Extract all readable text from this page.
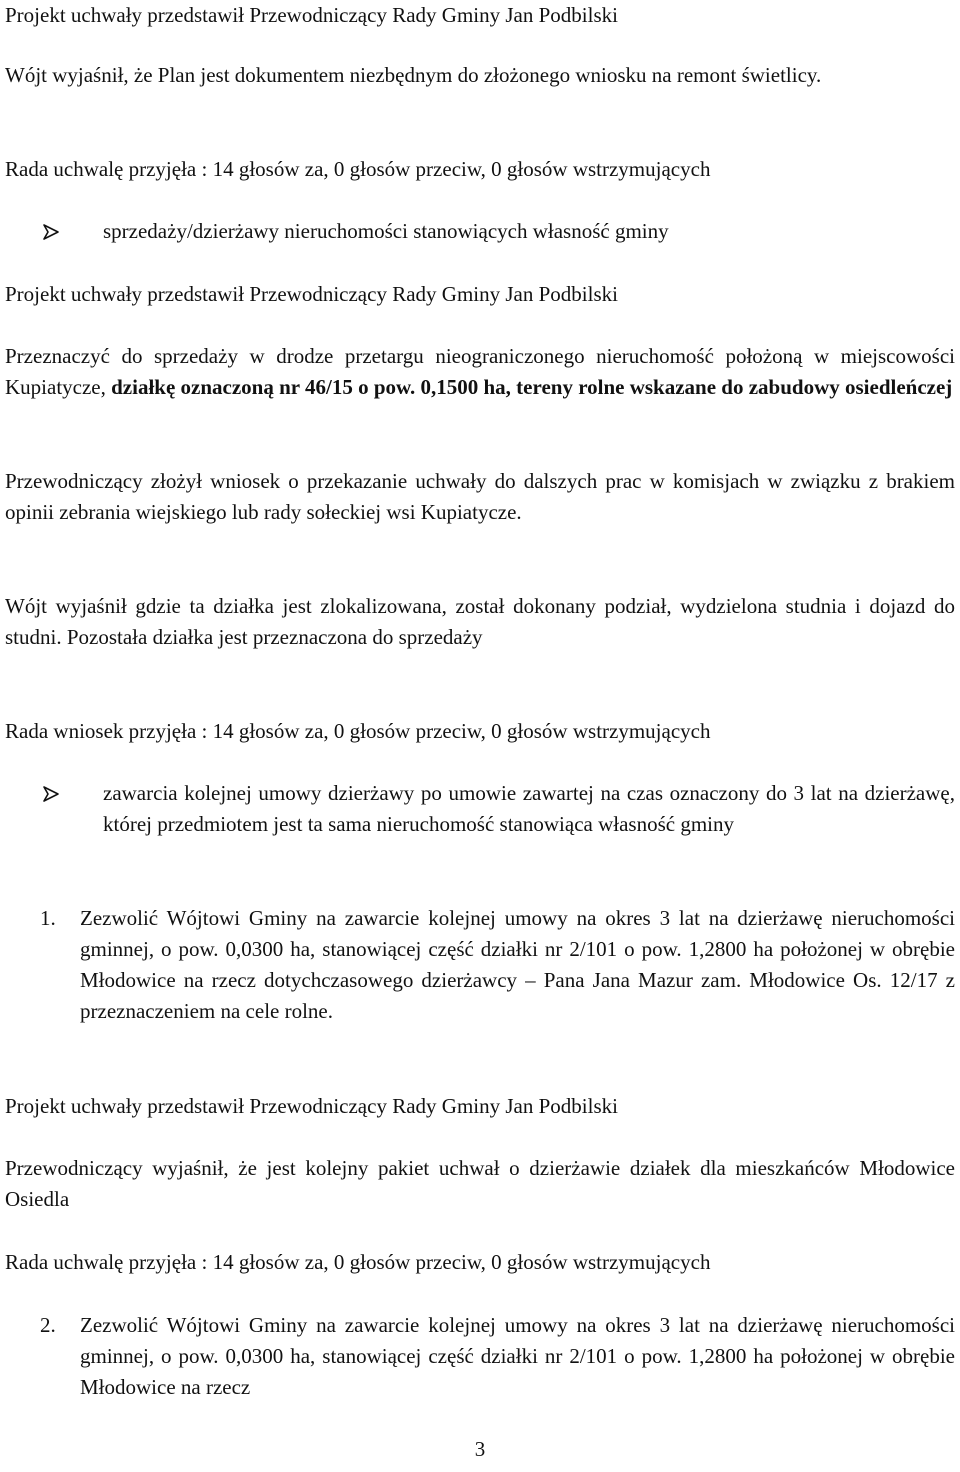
Projekt uchwały przedstawił Przewodniczący Rady Gminy Jan Podbilski

Wójt wyjaśnił, że Plan jest dokumentem niezbędnym do złożonego wniosku na remont świetlicy.

Rada uchwalę przyjęła : 14 głosów za, 0 głosów przeciw, 0 głosów wstrzymujących

sprzedaży/dzierżawy nieruchomości stanowiących własność gminy

Projekt uchwały przedstawił Przewodniczący Rady Gminy Jan Podbilski

Przeznaczyć do sprzedaży w drodze przetargu nieograniczonego nieruchomość położoną w miejscowości Kupiatycze, działkę oznaczoną nr 46/15 o pow. 0,1500 ha, tereny rolne wskazane do zabudowy osiedleńczej

Przewodniczący złożył wniosek o przekazanie uchwały do dalszych prac w komisjach w związku z brakiem opinii zebrania wiejskiego lub rady sołeckiej wsi Kupiatycze.

Wójt wyjaśnił gdzie ta działka jest zlokalizowana, został dokonany podział, wydzielona studnia i dojazd do studni. Pozostała działka jest przeznaczona do sprzedaży

Rada wniosek przyjęła : 14 głosów za, 0 głosów przeciw, 0 głosów wstrzymujących

zawarcia kolejnej umowy dzierżawy po umowie zawartej na czas oznaczony do 3 lat na dzierżawę, której przedmiotem jest ta sama nieruchomość stanowiąca własność gminy
1. Zezwolić Wójtowi Gminy na zawarcie kolejnej umowy na okres 3 lat na dzierżawę nieruchomości gminnej, o pow. 0,0300 ha, stanowiącej część działki nr 2/101 o pow. 1,2800 ha położonej w obrębie Młodowice na rzecz dotychczasowego dzierżawcy – Pana Jana Mazur zam. Młodowice Os. 12/17 z przeznaczeniem na cele rolne.

Projekt uchwały przedstawił Przewodniczący Rady Gminy Jan Podbilski

Przewodniczący wyjaśnił, że jest kolejny pakiet uchwał o dzierżawie działek dla mieszkańców Młodowice Osiedla

Rada uchwalę przyjęła : 14 głosów za, 0 głosów przeciw, 0 głosów wstrzymujących

2. Zezwolić Wójtowi Gminy na zawarcie kolejnej umowy na okres 3 lat na dzierżawę nieruchomości gminnej, o pow. 0,0300 ha, stanowiącej część działki nr 2/101 o pow. 1,2800 ha położonej w obrębie Młodowice na rzecz
3
